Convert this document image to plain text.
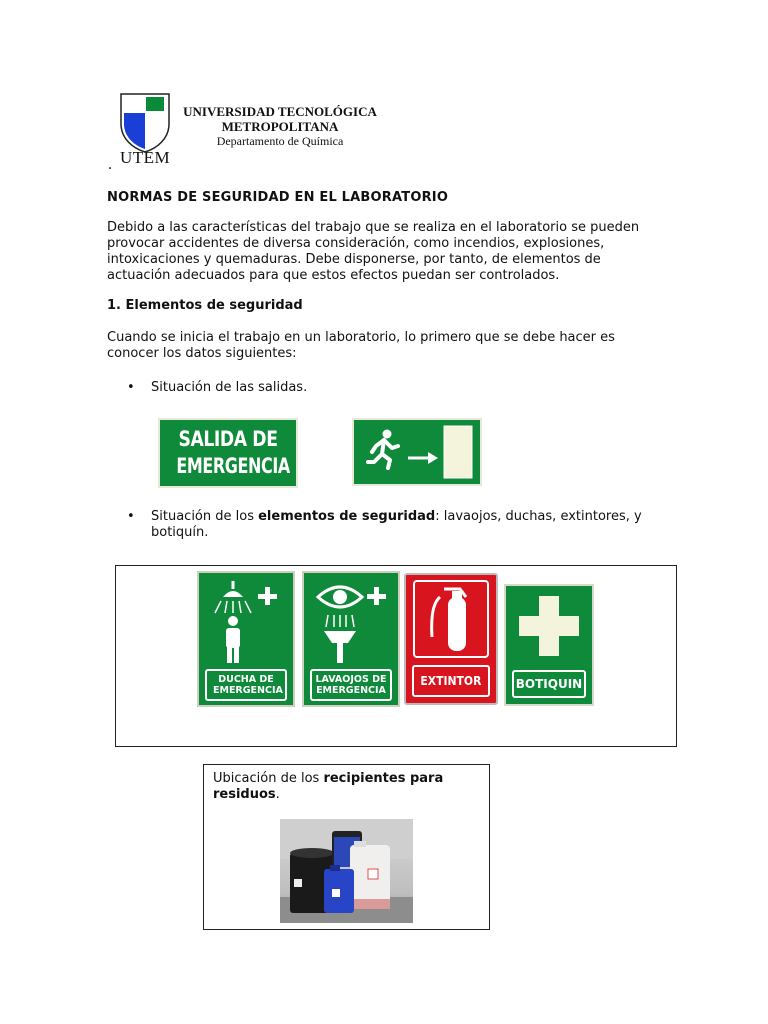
UTEM
.
UNIVERSIDAD TECNOLÓGICA
METROPOLITANA
Departamento de Química
NORMAS DE SEGURIDAD EN EL LABORATORIO

Debido a las características del trabajo que se realiza en el laboratorio se pueden provocar accidentes de diversa consideración, como incendios, explosiones, intoxicaciones y quemaduras. Debe disponerse, por tanto, de elementos de actuación adecuados para que estos efectos puedan ser controlados.

1. Elementos de seguridad

Cuando se inicia el trabajo en un laboratorio, lo primero que se debe hacer es conocer los datos siguientes:

• Situación de las salidas.
SALIDA DE
EMERGENCIA
• Situación de los elementos de seguridad: lavaojos, duchas, extintores, y botiquín.

DUCHA DE EMERGENCIA
LAVAOJOS DE EMERGENCIA
EXTINTOR	BOTIQUIN

Ubicación de los recipientes para residuos.
